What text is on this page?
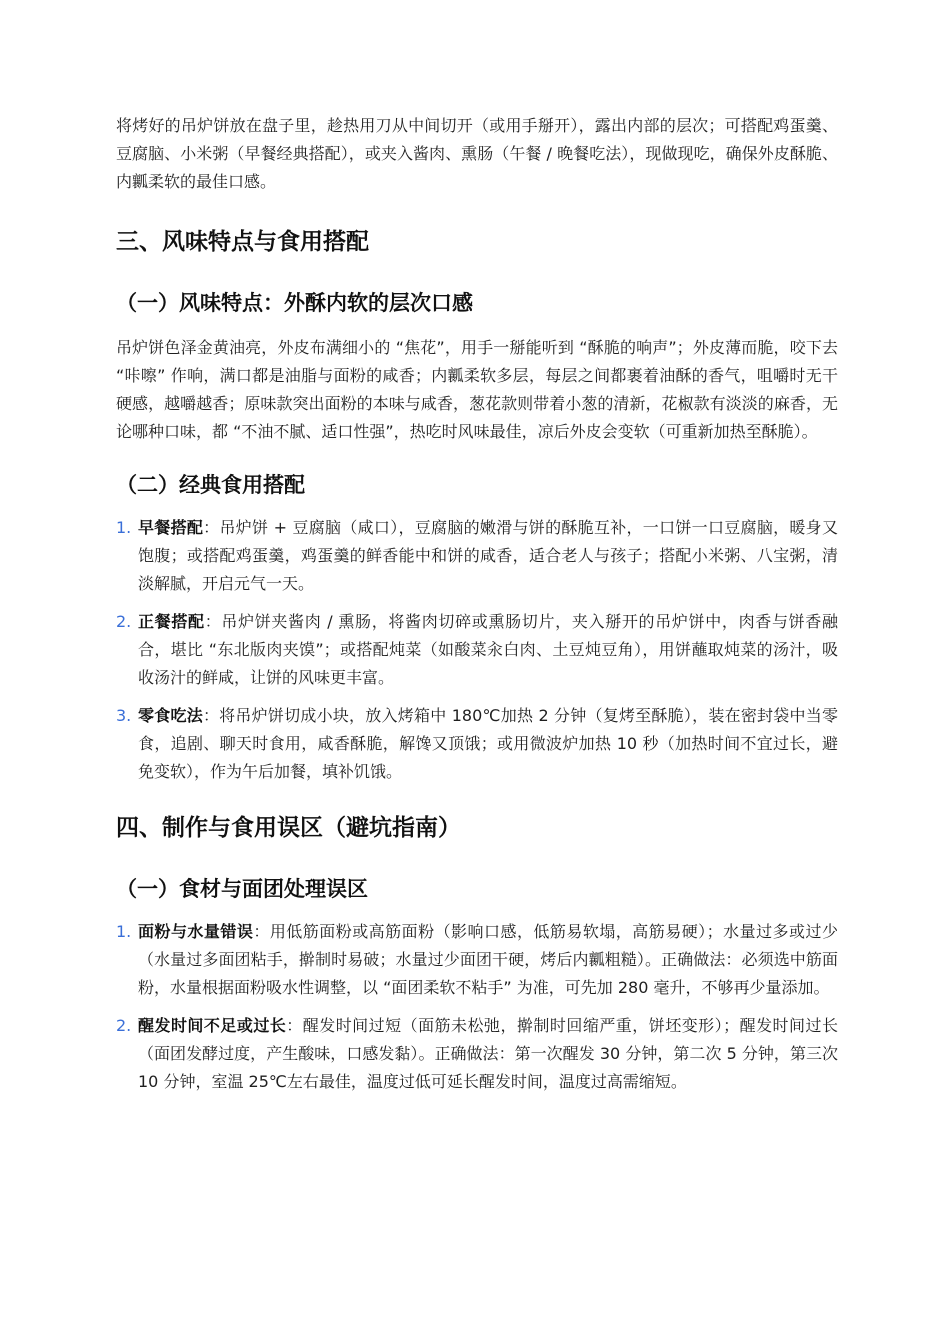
将烤好的吊炉饼放在盘子里，趁热用刀从中间切开（或用手掰开），露出内部的层次；可搭配鸡蛋羹、豆腐脑、小米粥（早餐经典搭配），或夹入酱肉、熏肠（午餐 / 晚餐吃法），现做现吃，确保外皮酥脆、内瓤柔软的最佳口感。

三、风味特点与食用搭配
（一）风味特点：外酥内软的层次口感

吊炉饼色泽金黄油亮，外皮布满细小的 “焦花”，用手一掰能听到 “酥脆的响声”；外皮薄而脆，咬下去 “咔嚓” 作响，满口都是油脂与面粉的咸香；内瓤柔软多层，每层之间都裹着油酥的香气，咀嚼时无干硬感，越嚼越香；原味款突出面粉的本味与咸香，葱花款则带着小葱的清新，花椒款有淡淡的麻香，无论哪种口味，都 “不油不腻、适口性强”，热吃时风味最佳，凉后外皮会变软（可重新加热至酥脆）。

（二）经典食用搭配
1. 早餐搭配：吊炉饼 + 豆腐脑（咸口），豆腐脑的嫩滑与饼的酥脆互补，一口饼一口豆腐脑，暖身又饱腹；或搭配鸡蛋羹，鸡蛋羹的鲜香能中和饼的咸香，适合老人与孩子；搭配小米粥、八宝粥，清淡解腻，开启元气一天。
2. 正餐搭配：吊炉饼夹酱肉 / 熏肠，将酱肉切碎或熏肠切片，夹入掰开的吊炉饼中，肉香与饼香融合，堪比 “东北版肉夹馍”；或搭配炖菜（如酸菜汆白肉、土豆炖豆角），用饼蘸取炖菜的汤汁，吸收汤汁的鲜咸，让饼的风味更丰富。
3. 零食吃法：将吊炉饼切成小块，放入烤箱中 180℃加热 2 分钟（复烤至酥脆），装在密封袋中当零食，追剧、聊天时食用，咸香酥脆，解馋又顶饿；或用微波炉加热 10 秒（加热时间不宜过长，避免变软），作为午后加餐，填补饥饿。
四、制作与食用误区（避坑指南）
（一）食材与面团处理误区
1. 面粉与水量错误：用低筋面粉或高筋面粉（影响口感，低筋易软塌，高筋易硬）；水量过多或过少（水量过多面团粘手，擀制时易破；水量过少面团干硬，烤后内瓤粗糙）。正确做法：必须选中筋面粉，水量根据面粉吸水性调整，以 “面团柔软不粘手” 为准，可先加 280 毫升，不够再少量添加。
2. 醒发时间不足或过长：醒发时间过短（面筋未松弛，擀制时回缩严重，饼坯变形）；醒发时间过长（面团发酵过度，产生酸味，口感发黏）。正确做法：第一次醒发 30 分钟，第二次 5 分钟，第三次 10 分钟，室温 25℃左右最佳，温度过低可延长醒发时间，温度过高需缩短。
